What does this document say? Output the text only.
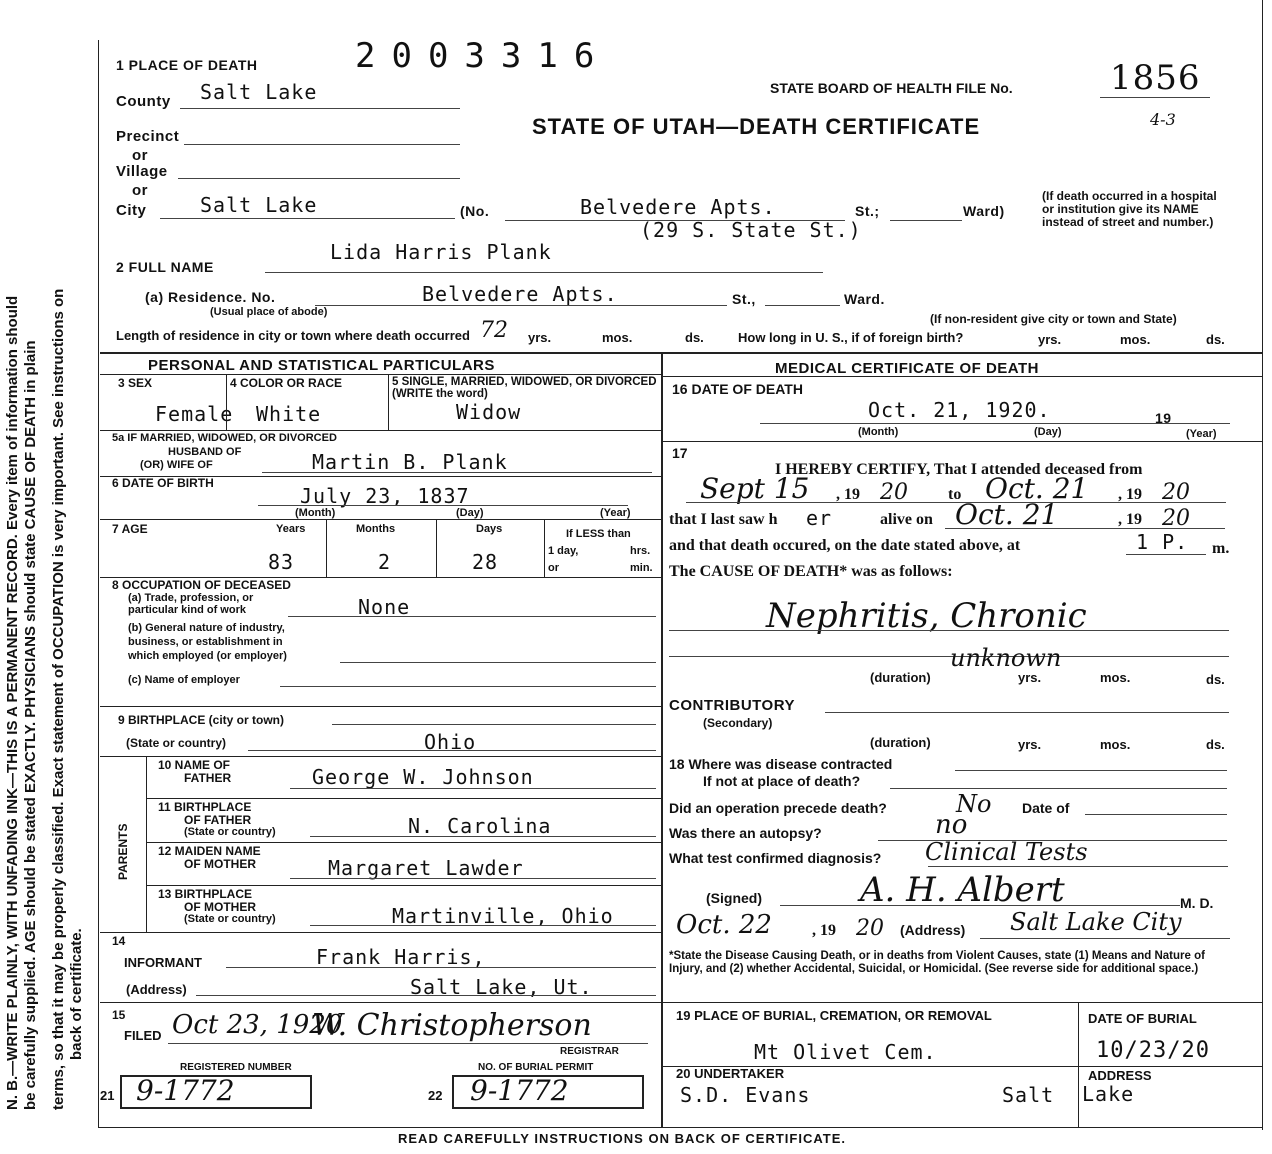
N. B.—WRITE PLAINLY, WITH UNFADING INK—THIS IS A PERMANENT RECORD. Every item of information should be carefully supplied. AGE should be stated EXACTLY. PHYSICIANS should state CAUSE OF DEATH in plain terms, so that it may be properly classified. Exact statement of OCCUPATION is very important. See instructions on back of certificate.
1 PLACE OF DEATH	2003316
STATE BOARD OF HEALTH FILE No.	1856
STATE OF UTAH—DEATH CERTIFICATE	4-3
County Salt Lake
Precinct
or
Village
or
City	Salt Lake	(No.	Belvedere Apts.	St.;	Ward)
(29 S. State St.)
(If death occurred in a hospital or institution give its NAME instead of street and number.)
2 FULL NAME
Lida Harris Plank
(a) Residence. No.
(Usual place of abode)
Belvedere Apts.	St.,	Ward.
(If non-resident give city or town and State)
Length of residence in city or town where death occurred 72 yrs.	mos.	ds.	How long in U. S., if of foreign birth?	yrs.	mos.	ds.
PERSONAL AND STATISTICAL PARTICULARS
3 SEX
Female
4 COLOR OR RACE
White
5 SINGLE, MARRIED, WIDOWED, OR DIVORCED (WRITE the word)
Widow
5a IF MARRIED, WIDOWED, OR DIVORCED
HUSBAND OF
(OR) WIFE OF	Martin B. Plank
6 DATE OF BIRTH
July 23, 1837
(Month)	(Day)	(Year)
7 AGE	Years	Months	Days
83	2	28
If LESS than
1 day,	hrs.
or	min.
8 OCCUPATION OF DECEASED
(a) Trade, profession, or
particular kind of work	None
(b) General nature of industry,
business, or establishment in
which employed (or employer)
(c) Name of employer
9 BIRTHPLACE (city or town)
(State or country)	Ohio
PARENTS
10 NAME OF
FATHER	George W. Johnson
11 BIRTHPLACE
OF FATHER
(State or country)	N. Carolina
12 MAIDEN NAME
OF MOTHER	Margaret Lawder
13 BIRTHPLACE
OF MOTHER
(State or country)	Martinville, Ohio
14
INFORMANT	Frank Harris,
(Address)	Salt Lake, Ut.
15
FILED Oct 23, 1920
W. Christopherson
REGISTRAR
REGISTERED NUMBER
21 9-1772
NO. OF BURIAL PERMIT
22 9-1772
MEDICAL CERTIFICATE OF DEATH
16 DATE OF DEATH
Oct. 21, 1920.	19
(Month)	(Day)	(Year)
17
I HEREBY CERTIFY, That I attended deceased from
Sept 15 , 19 20	to Oct. 21 , 19 20
that I last saw h er	alive on Oct. 21	, 19 20
and that death occured, on the date stated above, at	1 P. m.
The CAUSE OF DEATH* was as follows:
Nephritis, Chronic
unknown
(duration)	yrs.	mos.	ds.
CONTRIBUTORY
(Secondary)
(duration)	yrs.	mos.	ds.
18 Where was disease contracted
If not at place of death?
Did an operation precede death?	No Date of
Was there an autopsy?	no
What test confirmed diagnosis? Clinical Tests
(Signed)	A. H. Albert	M. D.
Oct. 22	, 19 20 (Address) Salt Lake City
*State the Disease Causing Death, or in deaths from Violent Causes, state (1) Means and Nature of Injury, and (2) whether Accidental, Suicidal, or Homicidal. (See reverse side for additional space.)
19 PLACE OF BURIAL, CREMATION, OR REMOVAL	DATE OF BURIAL
Mt Olivet Cem.	10/23/20
20 UNDERTAKER
S.D. Evans	Salt
ADDRESS
Lake
READ CAREFULLY INSTRUCTIONS ON BACK OF CERTIFICATE.
